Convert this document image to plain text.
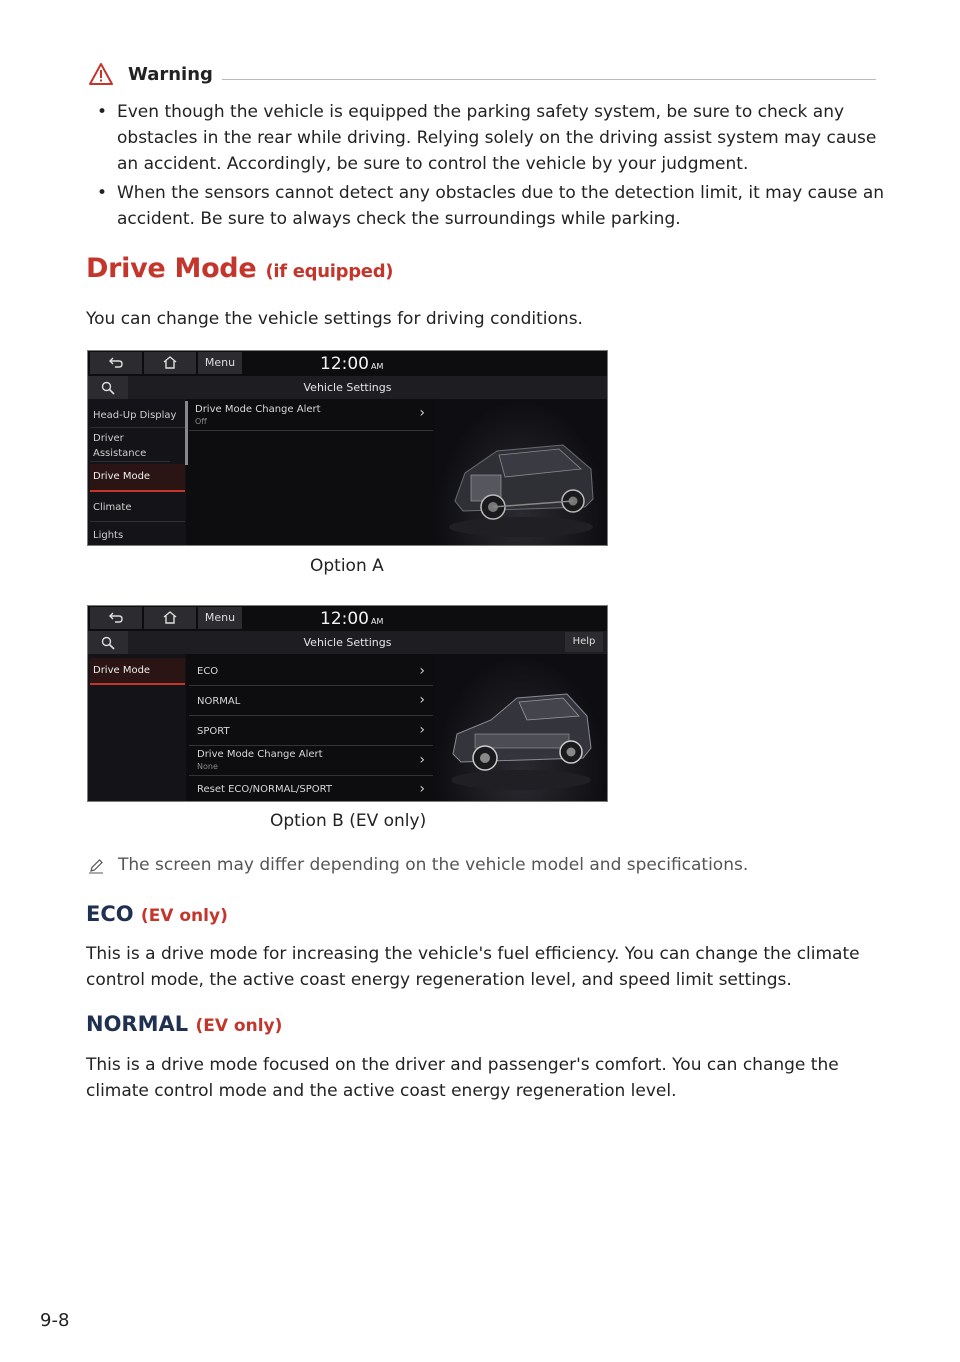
Warning
• Even though the vehicle is equipped the parking safety system, be sure to check any obstacles in the rear while driving. Relying solely on the driving assist system may cause an accident. Accordingly, be sure to control the vehicle by your judgment.
• When the sensors cannot detect any obstacles due to the detection limit, it may cause an accident. Be sure to always check the surroundings while parking.
Drive Mode (if equipped)
You can change the vehicle settings for driving conditions.
Menu	12:00 AM
Vehicle Settings
Head-Up Display
Driver Assistance
Drive Mode
Climate
Lights
Drive Mode Change Alert
Off
›
Option A
Menu	12:00 AM
Vehicle Settings	Help
Drive Mode	ECO	›
NORMAL	›
SPORT	›
Drive Mode Change Alert
None	›
Reset ECO/NORMAL/SPORT	›
Option B (EV only)
The screen may differ depending on the vehicle model and specifications.
ECO (EV only)
This is a drive mode for increasing the vehicle's fuel efficiency. You can change the climate control mode, the active coast energy regeneration level, and speed limit settings.
NORMAL (EV only)
This is a drive mode focused on the driver and passenger's comfort. You can change the climate control mode and the active coast energy regeneration level.
9-8
